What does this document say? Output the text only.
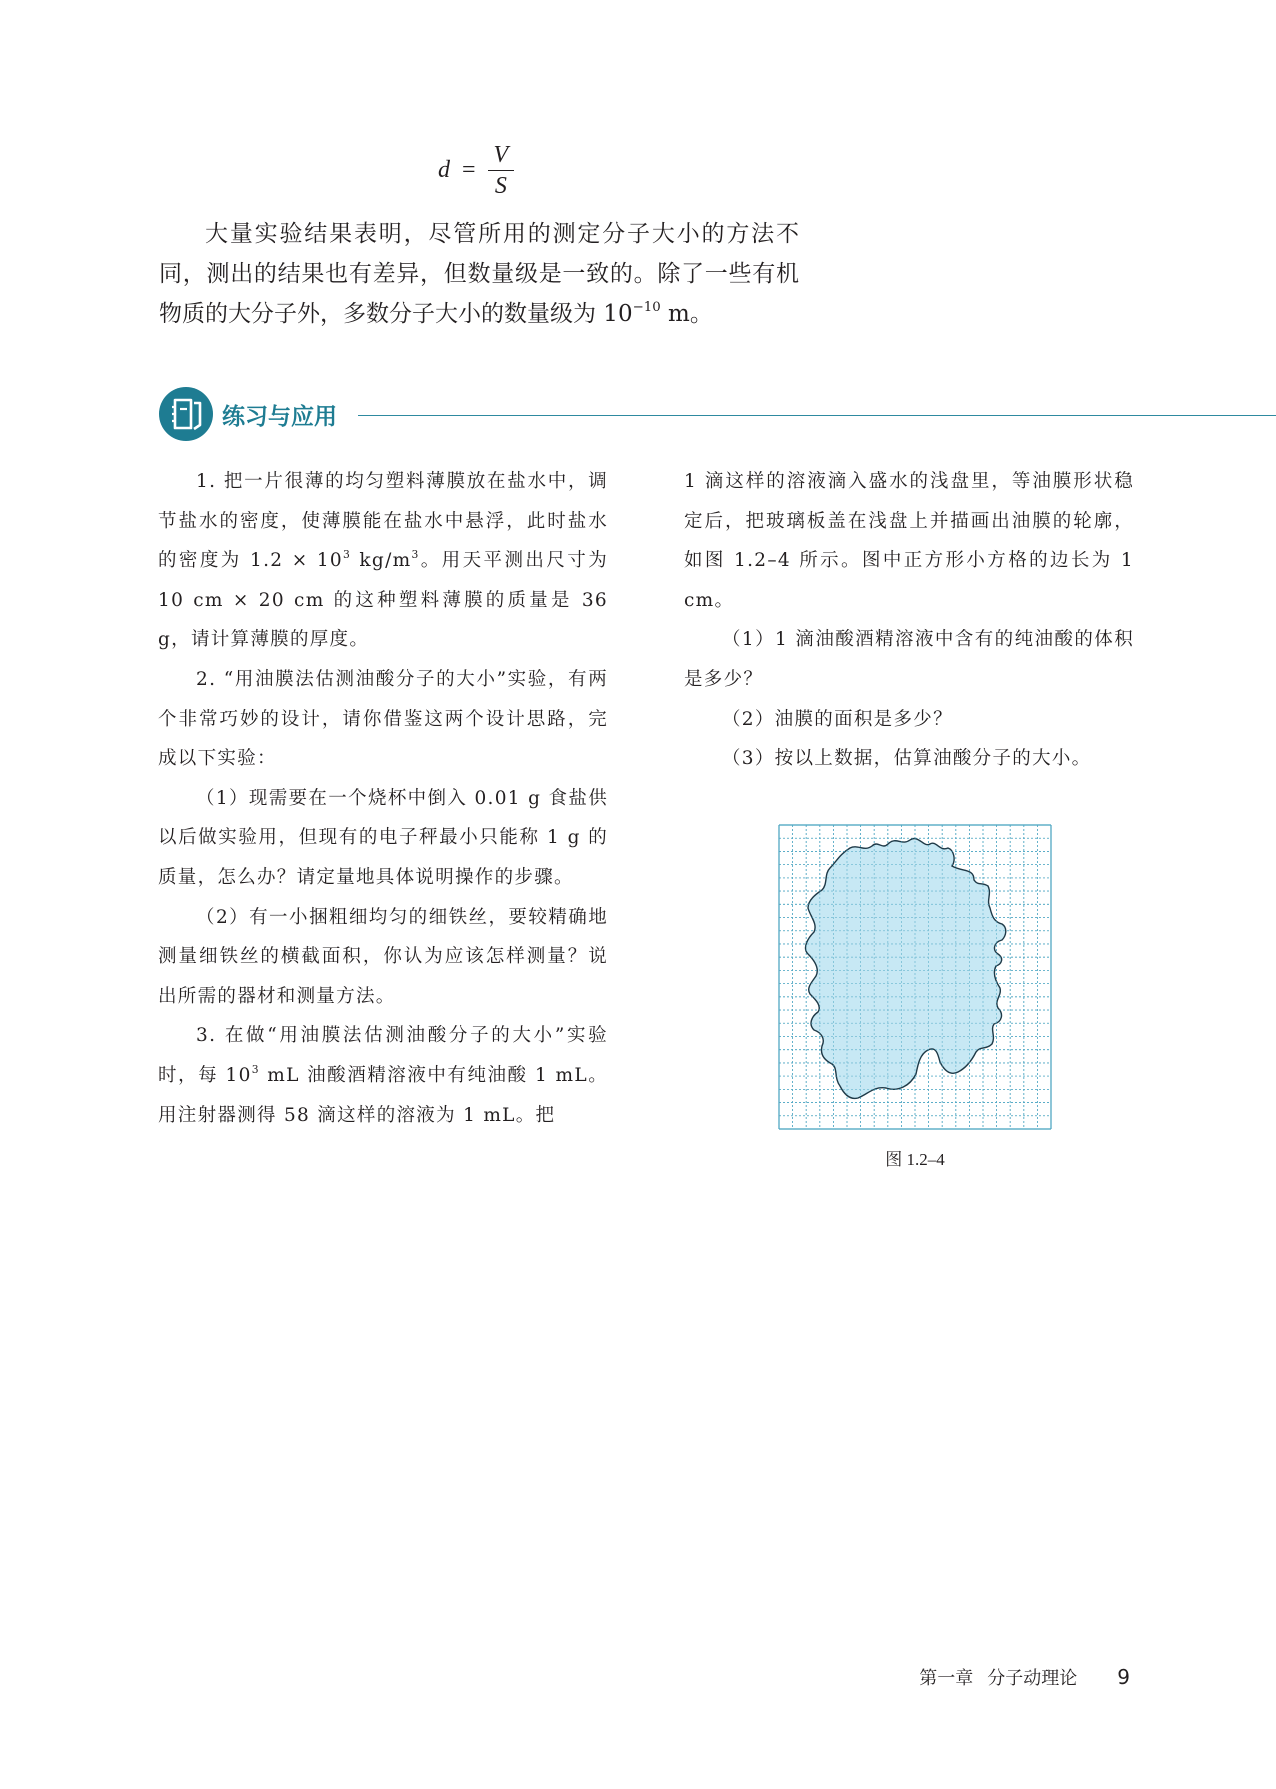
$d = \frac{V}{S}$

大量实验结果表明，尽管所用的测定分子大小的方法不同，测出的结果也有差异，但数量级是一致的。除了一些有机物质的大分子外，多数分子大小的数量级为 $10^{-10}$ m。

练习与应用

1. 把一片很薄的均匀塑料薄膜放在盐水中，调节盐水的密度，使薄膜能在盐水中悬浮，此时盐水的密度为 $1.2 \times 10^3$ $kg/m^3$。用天平测出尺寸为 10 cm × 20 cm 的这种塑料薄膜的质量是 36 g，请计算薄膜的厚度。

2. “用油膜法估测油酸分子的大小”实验，有两个非常巧妙的设计，请你借鉴这两个设计思路，完成以下实验：

（1）现需要在一个烧杯中倒入 0.01 g 食盐供以后做实验用，但现有的电子秤最小只能称 1 g 的质量，怎么办？请定量地具体说明操作的步骤。

（2）有一小捆粗细均匀的细铁丝，要较精确地测量细铁丝的横截面积，你认为应该怎样测量？说出所需的器材和测量方法。

3. 在做“用油膜法估测油酸分子的大小”实验时，每 $10^3$ mL 油酸酒精溶液中有纯油酸 1 mL。用注射器测得 58 滴这样的溶液为 1 mL。把

1 滴这样的溶液滴入盛水的浅盘里，等油膜形状稳定后，把玻璃板盖在浅盘上并描画出油膜的轮廓，如图 1.2–4 所示。图中正方形小方格的边长为 1 cm。

（1）1 滴油酸酒精溶液中含有的纯油酸的体积是多少？

（2）油膜的面积是多少？

（3）按以上数据，估算油酸分子的大小。

图 1.2–4
第一章 分子动理论 9
